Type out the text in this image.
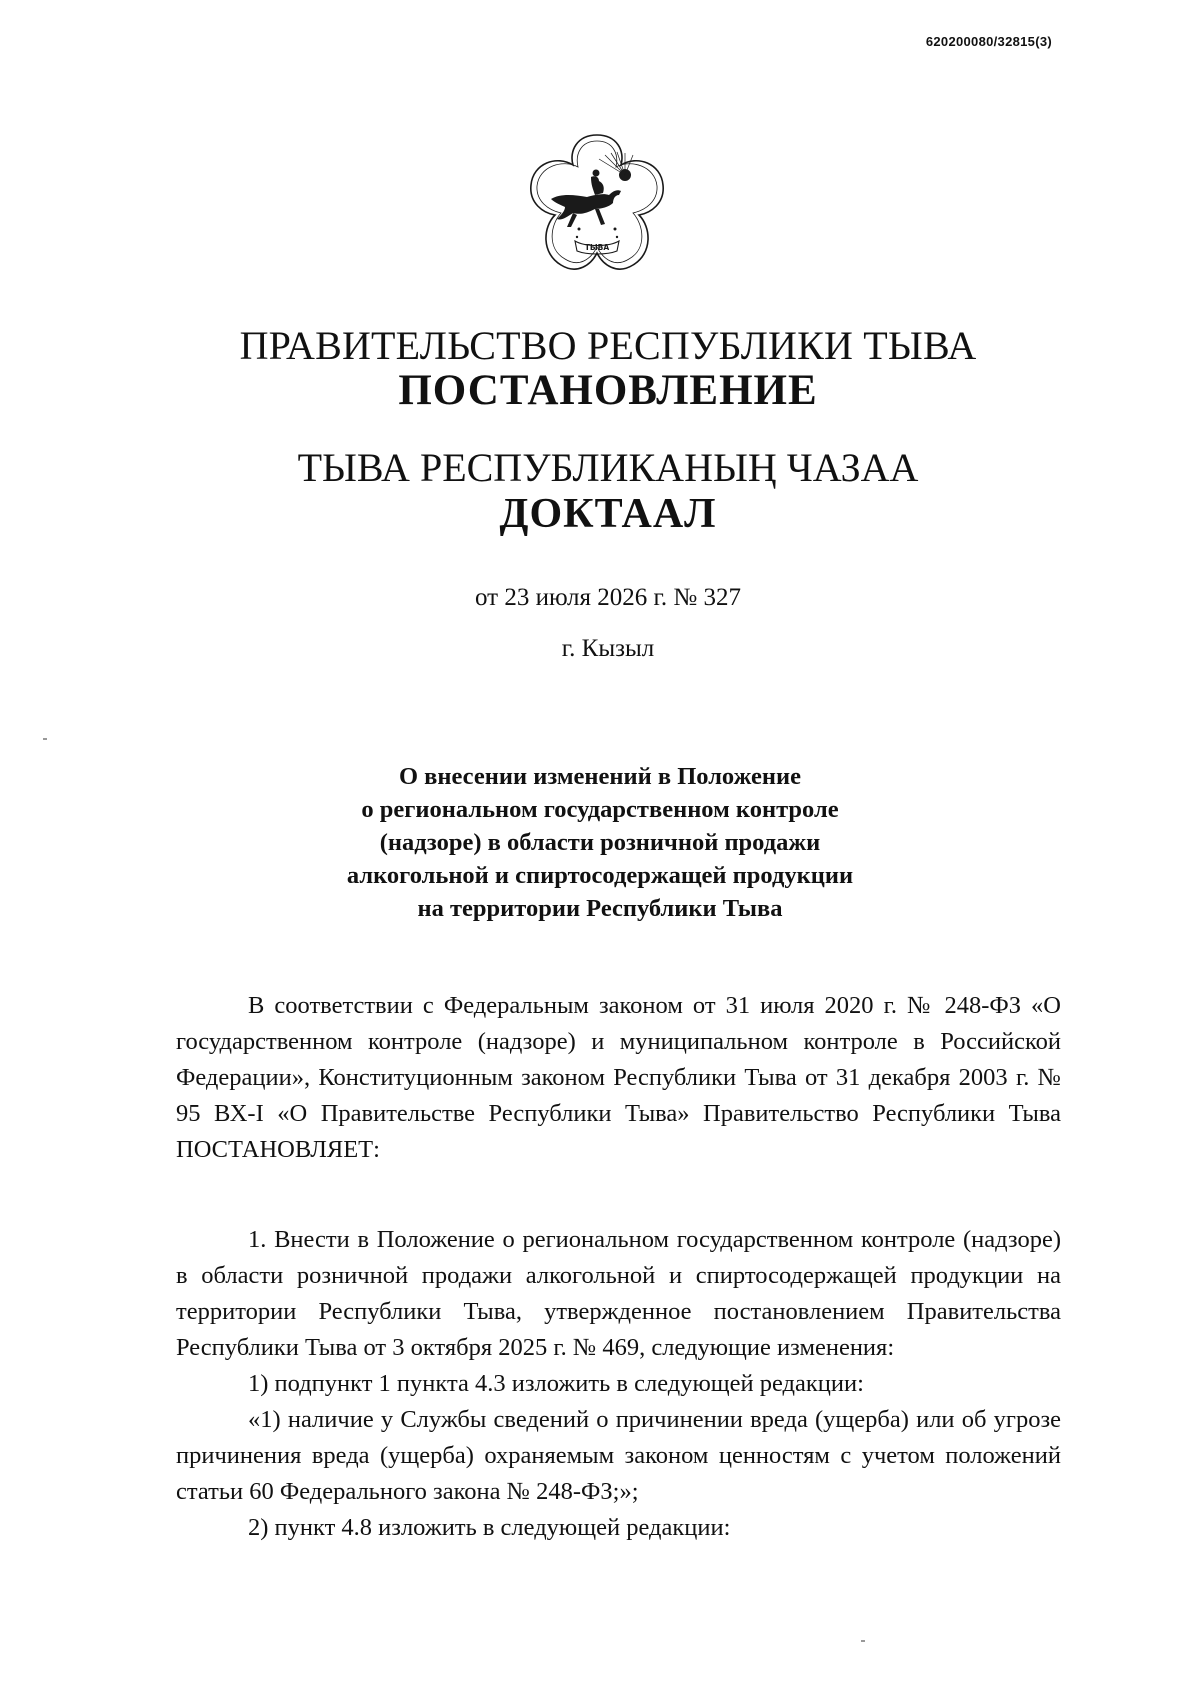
620200080/32815(3)
ТЫВА
ПРАВИТЕЛЬСТВО РЕСПУБЛИКИ ТЫВА
ПОСТАНОВЛЕНИЕ
ТЫВА РЕСПУБЛИКАНЫҢ ЧАЗАА
ДОКТААЛ
от 23 июля 2026 г. № 327
г. Кызыл
О внесении изменений в Положение
о региональном государственном контроле
(надзоре) в области розничной продажи
алкогольной и спиртосодержащей продукции
на территории Республики Тыва

В соответствии с Федеральным законом от 31 июля 2020 г. № 248-ФЗ «О государственном контроле (надзоре) и муниципальном контроле в Российской Федерации», Конституционным законом Республики Тыва от 31 декабря 2003 г. № 95 ВХ-I «О Правительстве Республики Тыва» Правительство Республики Тыва ПОСТАНОВЛЯЕТ:

1. Внести в Положение о региональном государственном контроле (надзоре) в области розничной продажи алкогольной и спиртосодержащей продукции на территории Республики Тыва, утвержденное постановлением Правительства Республики Тыва от 3 октября 2025 г. № 469, следующие изменения:

1) подпункт 1 пункта 4.3 изложить в следующей редакции:

«1) наличие у Службы сведений о причинении вреда (ущерба) или об угрозе причинения вреда (ущерба) охраняемым законом ценностям с учетом положений статьи 60 Федерального закона № 248-ФЗ;»;

2) пункт 4.8 изложить в следующей редакции:
